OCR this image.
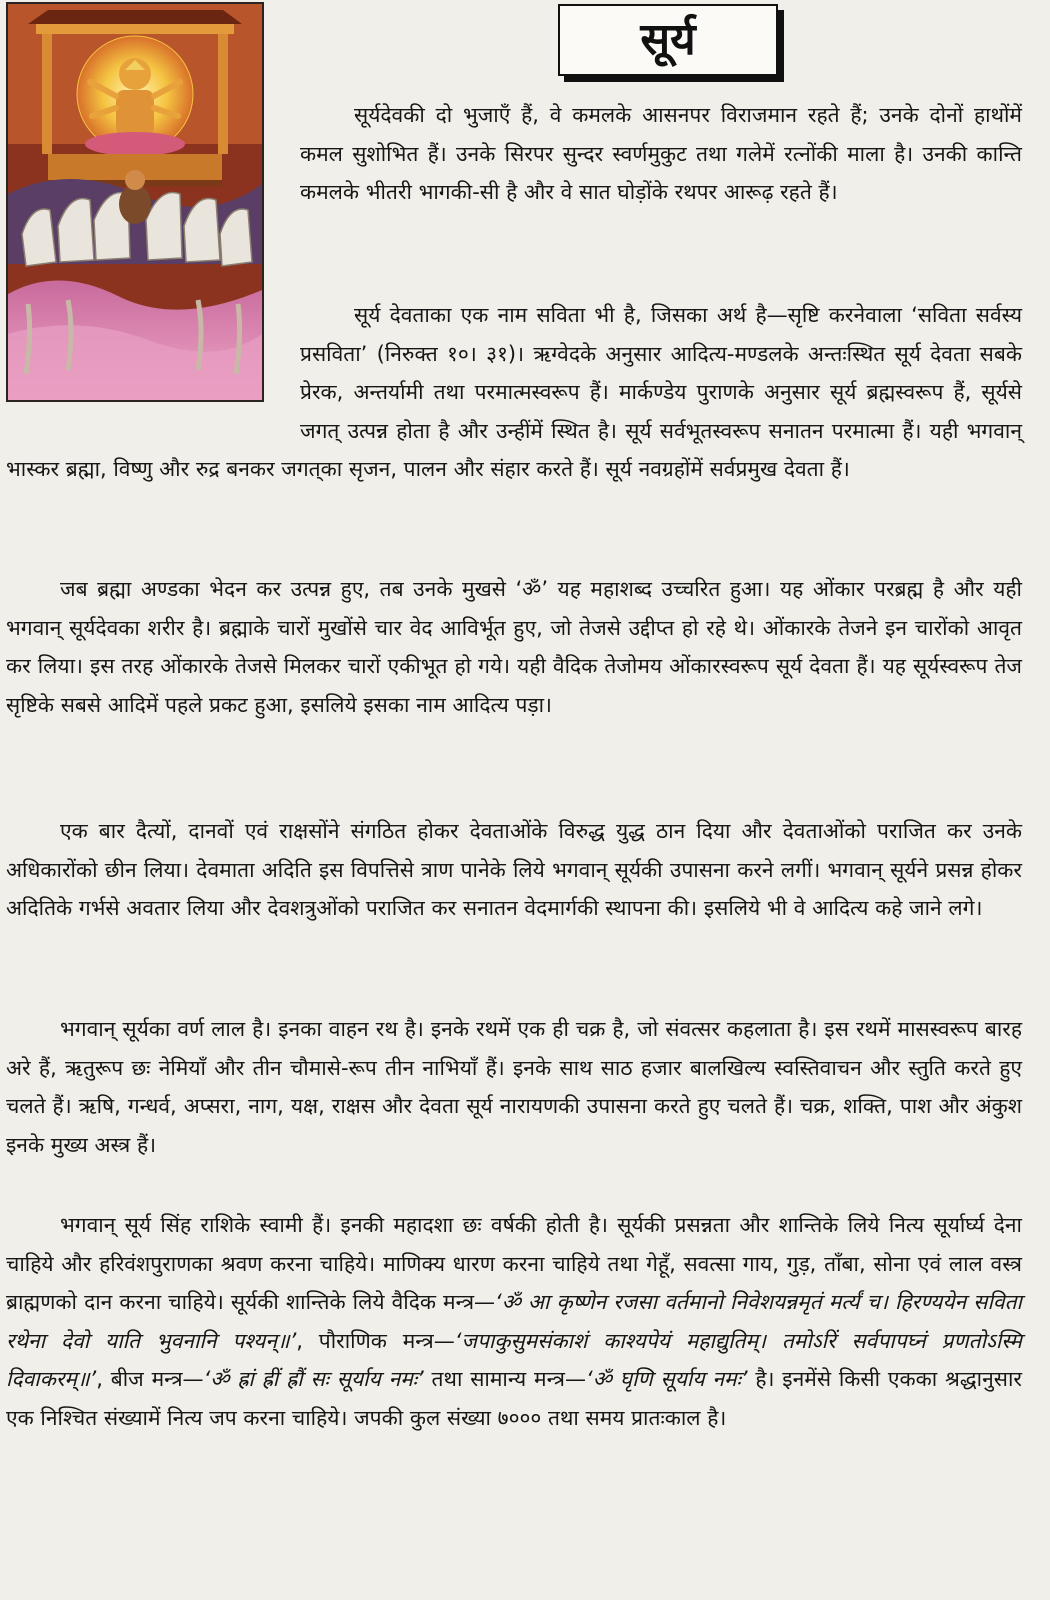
सूर्य

सूर्यदेवकी दो भुजाएँ हैं, वे कमलके आसनपर विराजमान रहते हैं; उनके दोनों हाथोंमें कमल सुशोभित हैं। उनके सिरपर सुन्दर स्वर्णमुकुट तथा गलेमें रत्नोंकी माला है। उनकी कान्ति कमलके भीतरी भागकी-सी है और वे सात घोड़ोंके रथपर आरूढ़ रहते हैं।

सूर्य देवताका एक नाम सविता भी है, जिसका अर्थ है—सृष्टि करनेवाला ‘सविता सर्वस्य प्रसविता’ (निरुक्त १०। ३१)। ऋग्वेदके अनुसार आदित्य-मण्डलके अन्तःस्थित सूर्य देवता सबके प्रेरक, अन्तर्यामी तथा परमात्मस्वरूप हैं। मार्कण्डेय पुराणके अनुसार सूर्य ब्रह्मस्वरूप हैं, सूर्यसे जगत् उत्पन्न होता है और उन्हींमें स्थित है। सूर्य सर्वभूतस्वरूप सनातन परमात्मा हैं। यही भगवान् भास्कर ब्रह्मा, विष्णु और रुद्र बनकर जगत्‌का सृजन, पालन और संहार करते हैं। सूर्य नवग्रहोंमें सर्वप्रमुख देवता हैं।

जब ब्रह्मा अण्डका भेदन कर उत्पन्न हुए, तब उनके मुखसे ‘ॐ’ यह महाशब्द उच्चरित हुआ। यह ओंकार परब्रह्म है और यही भगवान् सूर्यदेवका शरीर है। ब्रह्माके चारों मुखोंसे चार वेद आविर्भूत हुए, जो तेजसे उद्दीप्त हो रहे थे। ओंकारके तेजने इन चारोंको आवृत कर लिया। इस तरह ओंकारके तेजसे मिलकर चारों एकीभूत हो गये। यही वैदिक तेजोमय ओंकारस्वरूप सूर्य देवता हैं। यह सूर्यस्वरूप तेज सृष्टिके सबसे आदिमें पहले प्रकट हुआ, इसलिये इसका नाम आदित्य पड़ा।

एक बार दैत्यों, दानवों एवं राक्षसोंने संगठित होकर देवताओंके विरुद्ध युद्ध ठान दिया और देवताओंको पराजित कर उनके अधिकारोंको छीन लिया। देवमाता अदिति इस विपत्तिसे त्राण पानेके लिये भगवान् सूर्यकी उपासना करने लगीं। भगवान् सूर्यने प्रसन्न होकर अदितिके गर्भसे अवतार लिया और देवशत्रुओंको पराजित कर सनातन वेदमार्गकी स्थापना की। इसलिये भी वे आदित्य कहे जाने लगे।

भगवान् सूर्यका वर्ण लाल है। इनका वाहन रथ है। इनके रथमें एक ही चक्र है, जो संवत्सर कहलाता है। इस रथमें मासस्वरूप बारह अरे हैं, ऋतुरूप छः नेमियाँ और तीन चौमासे-रूप तीन नाभियाँ हैं। इनके साथ साठ हजार बालखिल्य स्वस्तिवाचन और स्तुति करते हुए चलते हैं। ऋषि, गन्धर्व, अप्सरा, नाग, यक्ष, राक्षस और देवता सूर्य नारायणकी उपासना करते हुए चलते हैं। चक्र, शक्ति, पाश और अंकुश इनके मुख्य अस्त्र हैं।

भगवान् सूर्य सिंह राशिके स्वामी हैं। इनकी महादशा छः वर्षकी होती है। सूर्यकी प्रसन्नता और शान्तिके लिये नित्य सूर्यार्घ्य देना चाहिये और हरिवंशपुराणका श्रवण करना चाहिये। माणिक्य धारण करना चाहिये तथा गेहूँ, सवत्सा गाय, गुड़, ताँबा, सोना एवं लाल वस्त्र ब्राह्मणको दान करना चाहिये। सूर्यकी शान्तिके लिये वैदिक मन्त्र—‘ॐ आ कृष्णेन रजसा वर्तमानो निवेशयन्नमृतं मर्त्यं च। हिरण्ययेन सविता रथेना देवो याति भुवनानि पश्यन्॥’, पौराणिक मन्त्र—‘जपाकुसुमसंकाशं काश्यपेयं महाद्युतिम्। तमोऽरिं सर्वपापघ्नं प्रणतोऽस्मि दिवाकरम्॥’, बीज मन्त्र—‘ॐ ह्रां ह्रीं ह्रौं सः सूर्याय नमः’ तथा सामान्य मन्त्र—‘ॐ घृणि सूर्याय नमः’ है। इनमेंसे किसी एकका श्रद्धानुसार एक निश्चित संख्यामें नित्य जप करना चाहिये। जपकी कुल संख्या ७००० तथा समय प्रातःकाल है।
